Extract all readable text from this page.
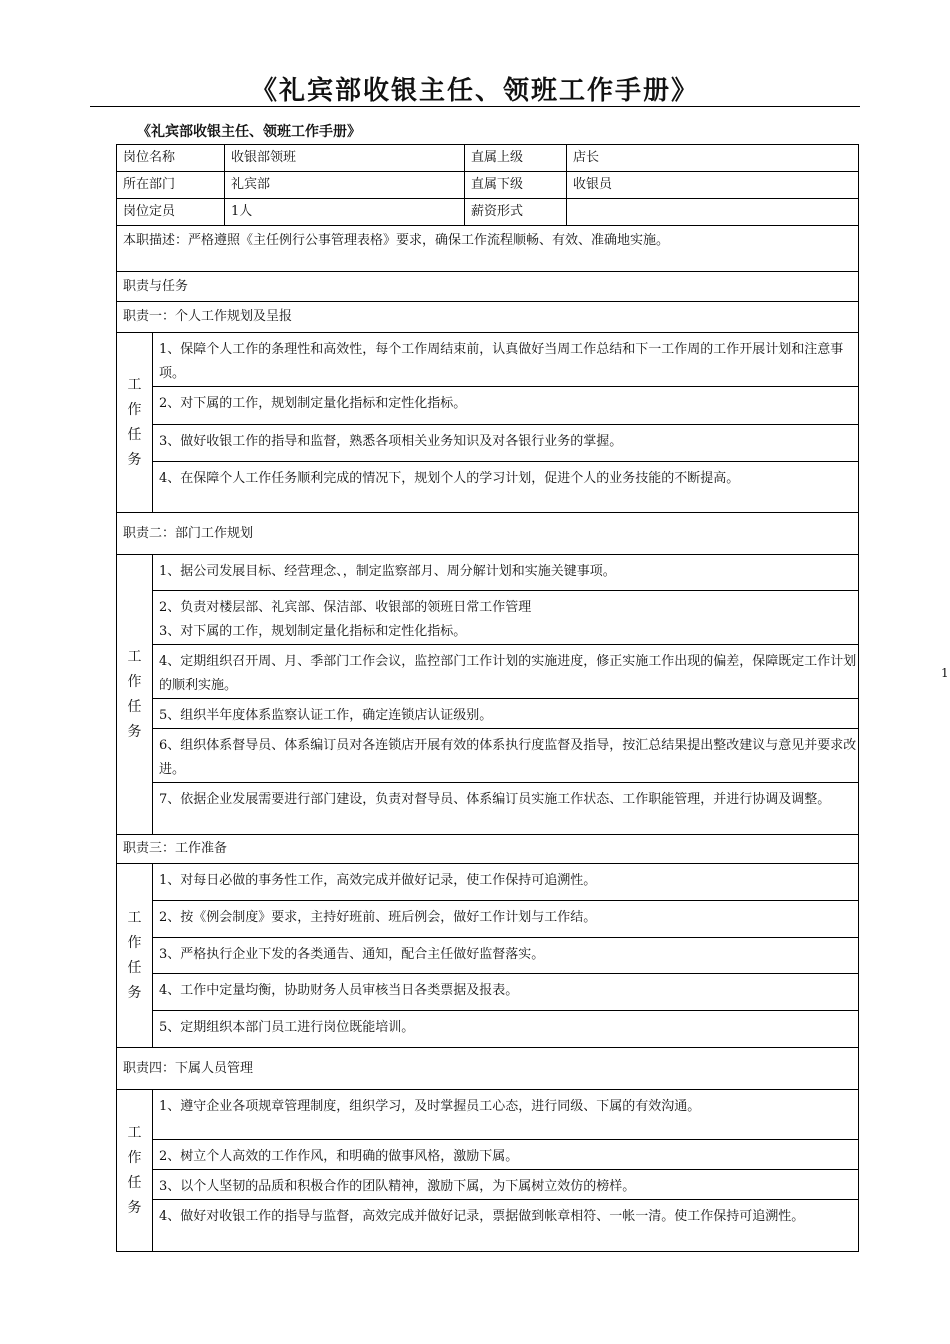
《礼宾部收银主任、领班工作手册》
《礼宾部收银主任、领班工作手册》
1
岗位名称		收银部领班	直属上级	店长
所在部门		礼宾部	直属下级	收银员
岗位定员		1人	薪资形式	
本职描述：严格遵照《主任例行公事管理表格》要求，确保工作流程顺畅、有效、准确地实施。				
职责与任务				
职责一：个人工作规划及呈报				
工作任务	1、保障个人工作的条理性和高效性，每个工作周结束前，认真做好当周工作总结和下一工作周的工作开展计划和注意事项。			

	2、对下属的工作，规划制定量化指标和定性化指标。			

	3、做好收银工作的指导和监督，熟悉各项相关业务知识及对各银行业务的掌握。			

	4、在保障个人工作任务顺利完成的情况下，规划个人的学习计划，促进个人的业务技能的不断提高。			

职责二：部门工作规划				
工作任务	1、据公司发展目标、经营理念、，制定监察部月、周分解计划和实施关键事项。			

	2、负责对楼层部、礼宾部、保洁部、收银部的领班日常工作管理
3、对下属的工作，规划制定量化指标和定性化指标。			

	4、定期组织召开周、月、季部门工作会议，监控部门工作计划的实施进度，修正实施工作出现的偏差，保障既定工作计划的顺利实施。			

	5、组织半年度体系监察认证工作，确定连锁店认证级别。			

	6、组织体系督导员、体系编订员对各连锁店开展有效的体系执行度监督及指导，按汇总结果提出整改建议与意见并要求改进。			

	7、依据企业发展需要进行部门建设，负责对督导员、体系编订员实施工作状态、工作职能管理，并进行协调及调整。			

职责三：工作准备				
工作任务	1、对每日必做的事务性工作，高效完成并做好记录，使工作保持可追溯性。			

	2、按《例会制度》要求，主持好班前、班后例会，做好工作计划与工作结。			

	3、严格执行企业下发的各类通告、通知，配合主任做好监督落实。			

	4、工作中定量均衡，协助财务人员审核当日各类票据及报表。			

	5、定期组织本部门员工进行岗位既能培训。			

职责四：下属人员管理				
工作任务	1、遵守企业各项规章管理制度，组织学习，及时掌握员工心态，进行同级、下属的有效沟通。			

	2、树立个人高效的工作作风，和明确的做事风格，激励下属。			

	3、以个人坚韧的品质和积极合作的团队精神，激励下属，为下属树立效仿的榜样。			

	4、做好对收银工作的指导与监督，高效完成并做好记录，票据做到帐章相符、一帐一清。使工作保持可追溯性。			
